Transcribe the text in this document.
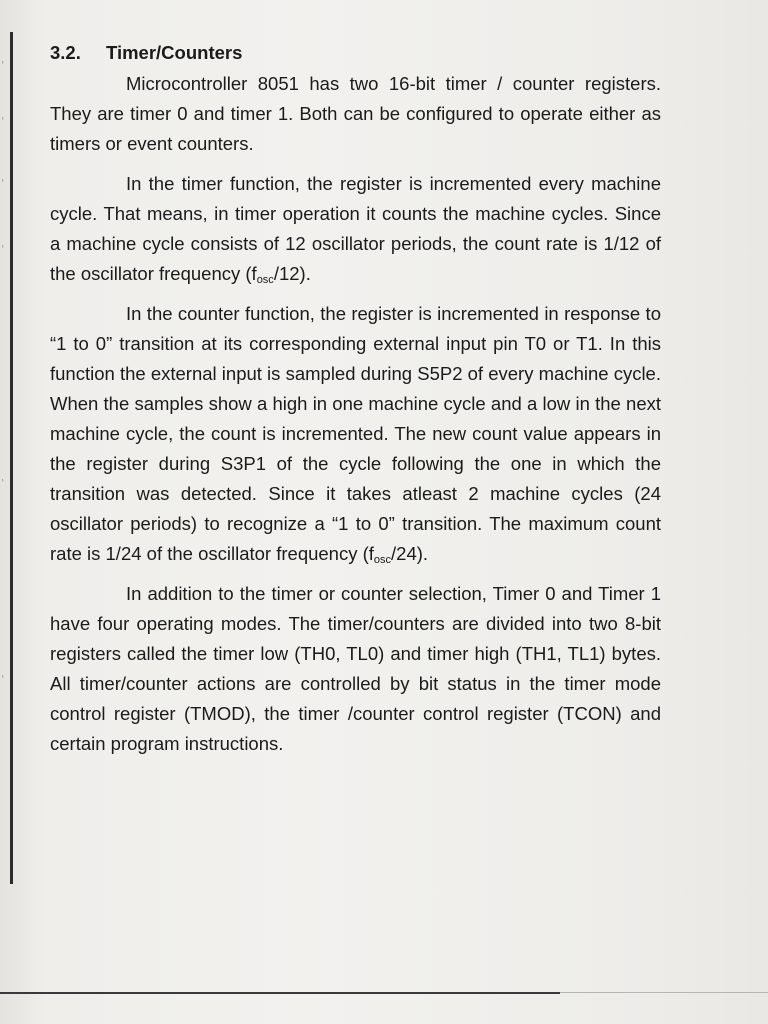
ʾ
ʿ
ʾ
ʿ
ʾ
ʿ
3.2. Timer/Counters

Microcontroller 8051 has two 16-bit timer / counter registers. They are timer 0 and timer 1. Both can be configured to operate either as timers or event counters.

In the timer function, the register is incremented every machine cycle. That means, in timer operation it counts the machine cycles. Since a machine cycle consists of 12 oscillator periods, the count rate is 1/12 of the oscillator frequency $(f_{osc}/12)$.

In the counter function, the register is incremented in response to “1 to 0” transition at its corresponding external input pin T0 or T1. In this function the external input is sampled during S5P2 of every machine cycle. When the samples show a high in one machine cycle and a low in the next machine cycle, the count is incremented. The new count value appears in the register during S3P1 of the cycle following the one in which the transition was detected. Since it takes atleast 2 machine cycles (24 oscillator periods) to recognize a “1 to 0” transition. The maximum count rate is 1/24 of the oscillator frequency $(f_{osc}/24)$.

In addition to the timer or counter selection, Timer 0 and Timer 1 have four operating modes. The timer/counters are divided into two 8-bit registers called the timer low (TH0, TL0) and timer high (TH1, TL1) bytes. All timer/counter actions are controlled by bit status in the timer mode control register (TMOD), the timer /counter control register (TCON) and certain program instructions.
